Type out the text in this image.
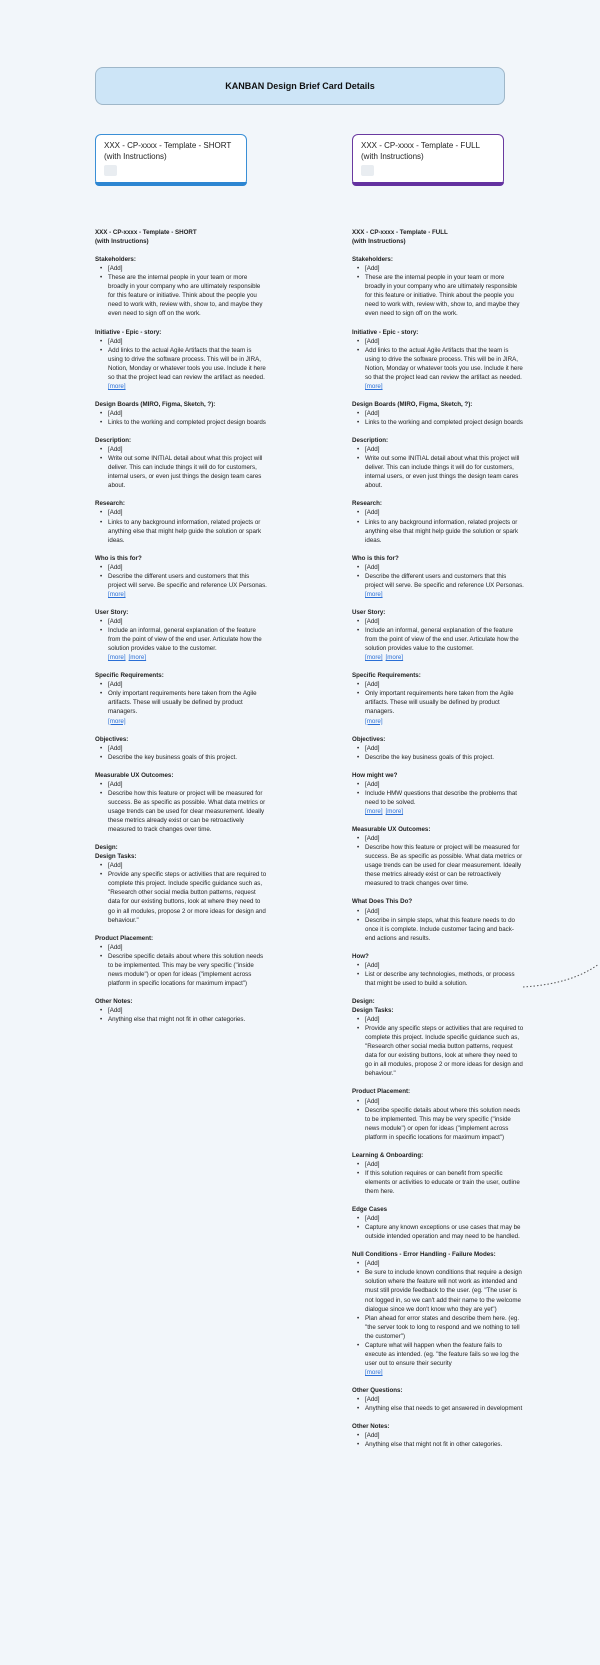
KANBAN Design Brief Card Details
XXX - CP-xxxx - Template - SHORT
(with Instructions)
XXX - CP-xxxx - Template - FULL
(with Instructions)
XXX - CP-xxxx - Template - SHORT
(with Instructions)
Stakeholders:
• [Add]
• These are the internal people in your team or more broadly in your company who are ultimately responsible for this feature or initiative. Think about the people you need to work with, review with, show to, and maybe they even need to sign off on the work.
Initiative - Epic - story:
• [Add]
• Add links to the actual Agile Artifacts that the team is using to drive the software process. This will be in JIRA, Notion, Monday or whatever tools you use. Include it here so that the project lead can review the artifact as needed.
[more]
Design Boards (MIRO, Figma, Sketch, ?):
• [Add]
• Links to the working and completed project design boards
Description:
• [Add]
• Write out some INITIAL detail about what this project will deliver. This can include things it will do for customers, internal users, or even just things the design team cares about.
Research:
• [Add]
• Links to any background information, related projects or anything else that might help guide the solution or spark ideas.
Who is this for?
• [Add]
• Describe the different users and customers that this project will serve. Be specific and reference UX Personas.
[more]
User Story:
• [Add]
• Include an informal, general explanation of the feature from the point of view of the end user. Articulate how the solution provides value to the customer.
[more] [more]
Specific Requirements:
• [Add]
• Only important requirements here taken from the Agile artifacts. These will usually be defined by product managers.
[more]
Objectives:
• [Add]
• Describe the key business goals of this project.
Measurable UX Outcomes:
• [Add]
• Describe how this feature or project will be measured for success. Be as specific as possible. What data metrics or usage trends can be used for clear measurement. Ideally these metrics already exist or can be retroactively measured to track changes over time.
Design:
Design Tasks:
• [Add]
• Provide any specific steps or activities that are required to complete this project. Include specific guidance such as, "Research other social media button patterns, request data for our existing buttons, look at where they need to go in all modules, propose 2 or more ideas for design and behaviour."
Product Placement:
• [Add]
• Describe specific details about where this solution needs to be implemented. This may be very specific ("inside news module") or open for ideas ("implement across platform in specific locations for maximum impact")
Other Notes:
• [Add]
• Anything else that might not fit in other categories.
XXX - CP-xxxx - Template - FULL
(with Instructions)
Stakeholders:
• [Add]
• These are the internal people in your team or more broadly in your company who are ultimately responsible for this feature or initiative. Think about the people you need to work with, review with, show to, and maybe they even need to sign off on the work.
Initiative - Epic - story:
• [Add]
• Add links to the actual Agile Artifacts that the team is using to drive the software process. This will be in JIRA, Notion, Monday or whatever tools you use. Include it here so that the project lead can review the artifact as needed.
[more]
Design Boards (MIRO, Figma, Sketch, ?):
• [Add]
• Links to the working and completed project design boards
Description:
• [Add]
• Write out some INITIAL detail about what this project will deliver. This can include things it will do for customers, internal users, or even just things the design team cares about.
Research:
• [Add]
• Links to any background information, related projects or anything else that might help guide the solution or spark ideas.
Who is this for?
• [Add]
• Describe the different users and customers that this project will serve. Be specific and reference UX Personas.
[more]
User Story:
• [Add]
• Include an informal, general explanation of the feature from the point of view of the end user. Articulate how the solution provides value to the customer.
[more] [more]
Specific Requirements:
• [Add]
• Only important requirements here taken from the Agile artifacts. These will usually be defined by product managers.
[more]
Objectives:
• [Add]
• Describe the key business goals of this project.
How might we?
• [Add]
• Include HMW questions that describe the problems that need to be solved.
[more] [more]
Measurable UX Outcomes:
• [Add]
• Describe how this feature or project will be measured for success. Be as specific as possible. What data metrics or usage trends can be used for clear measurement. Ideally these metrics already exist or can be retroactively measured to track changes over time.
What Does This Do?
• [Add]
• Describe in simple steps, what this feature needs to do once it is complete. Include customer facing and back-end actions and results.
How?
• [Add]
• List or describe any technologies, methods, or process that might be used to build a solution.
Design:
Design Tasks:
• [Add]
• Provide any specific steps or activities that are required to complete this project. Include specific guidance such as, "Research other social media button patterns, request data for our existing buttons, look at where they need to go in all modules, propose 2 or more ideas for design and behaviour."
Product Placement:
• [Add]
• Describe specific details about where this solution needs to be implemented. This may be very specific ("inside news module") or open for ideas ("implement across platform in specific locations for maximum impact")
Learning & Onboarding:
• [Add]
• If this solution requires or can benefit from specific elements or activities to educate or train the user, outline them here.
Edge Cases
• [Add]
• Capture any known exceptions or use cases that may be outside intended operation and may need to be handled.
Null Conditions - Error Handling - Failure Modes:
• [Add]
• Be sure to include known conditions that require a design solution where the feature will not work as intended and must still provide feedback to the user. (eg. "The user is not logged in, so we can't add their name to the welcome dialogue since we don't know who they are yet")
• Plan ahead for error states and describe them here. (eg. "the server took to long to respond and we nothing to tell the customer")
• Capture what will happen when the feature fails to execute as intended. (eg. "the feature fails so we log the user out to ensure their security
[more]
Other Questions:
• [Add]
• Anything else that needs to get answered in development
Other Notes:
• [Add]
• Anything else that might not fit in other categories.
